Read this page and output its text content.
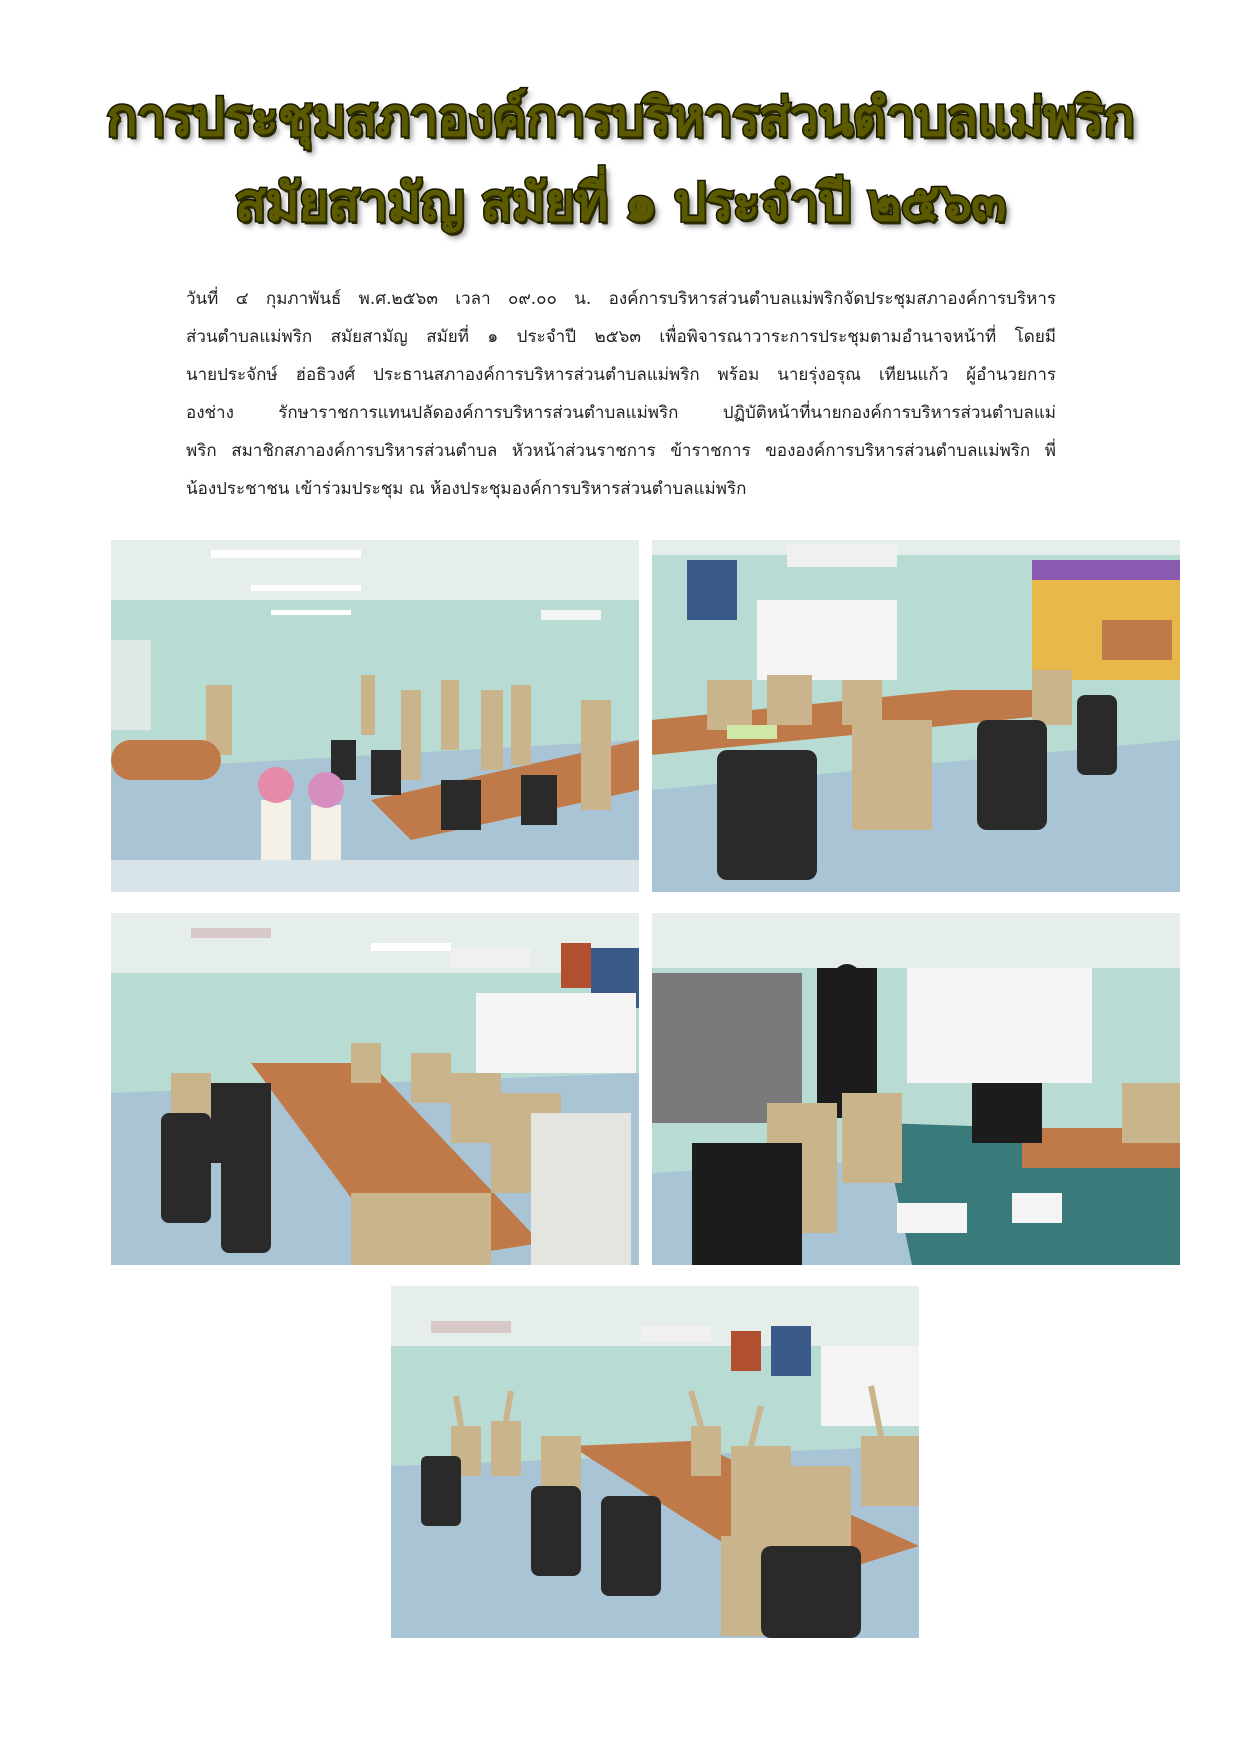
การประชุมสภาองค์การบริหารส่วนตำบลแม่พริก
สมัยสามัญ สมัยที่ ๑ ประจำปี ๒๕๖๓

วันที่ ๔ กุมภาพันธ์ พ.ศ.๒๕๖๓ เวลา ๐๙.๐๐ น. องค์การบริหารส่วนตำบลแม่พริกจัดประชุมสภาองค์การบริหาร

ส่วนตำบลแม่พริก สมัยสามัญ สมัยที่ ๑ ประจำปี ๒๕๖๓ เพื่อพิจารณาวาระการประชุมตามอำนาจหน้าที่ โดยมี

นายประจักษ์ ฮ่อธิวงศ์ ประธานสภาองค์การบริหารส่วนตำบลแม่พริก พร้อม นายรุ่งอรุณ เทียนแก้ว ผู้อำนวยการ

องช่าง รักษาราชการแทนปลัดองค์การบริหารส่วนตำบลแม่พริก ปฏิบัติหน้าที่นายกองค์การบริหารส่วนตำบลแม่

พริก สมาชิกสภาองค์การบริหารส่วนตำบล หัวหน้าส่วนราชการ ข้าราชการ ขององค์การบริหารส่วนตำบลแม่พริก พี่

น้องประชาชน เข้าร่วมประชุม ณ ห้องประชุมองค์การบริหารส่วนตำบลแม่พริก
